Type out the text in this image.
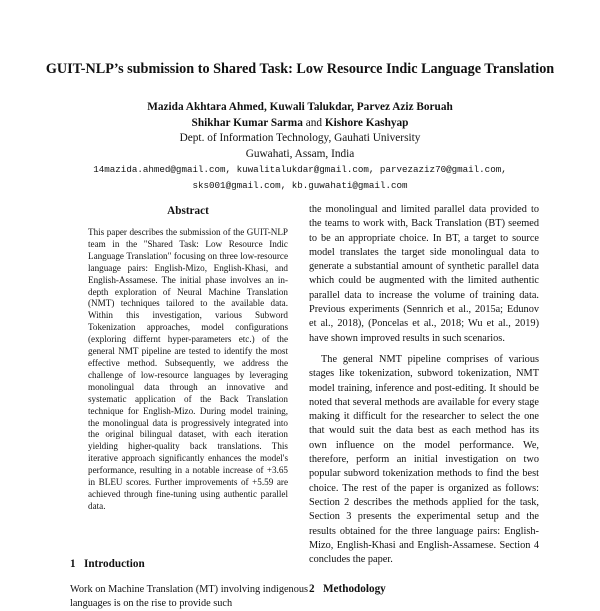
GUIT-NLP’s submission to Shared Task: Low Resource Indic Language Translation
Mazida Akhtara Ahmed, Kuwali Talukdar, Parvez Aziz Boruah
Shikhar Kumar Sarma and Kishore Kashyap
Dept. of Information Technology, Gauhati University
Guwahati, Assam, India
14mazida.ahmed@gmail.com, kuwalitalukdar@gmail.com, parvezaziz70@gmail.com,
sks001@gmail.com, kb.guwahati@gmail.com
Abstract
This paper describes the submission of the GUIT-NLP team in the "Shared Task: Low Resource Indic Language Translation" focusing on three low-resource language pairs: English-Mizo, English-Khasi, and English-Assamese. The initial phase involves an in-depth exploration of Neural Machine Translation (NMT) techniques tailored to the available data. Within this investigation, various Subword Tokenization approaches, model configurations (exploring differnt hyper-parameters etc.) of the general NMT pipeline are tested to identify the most effective method. Subsequently, we address the challenge of low-resource languages by leveraging monolingual data through an innovative and systematic application of the Back Translation technique for English-Mizo. During model training, the monolingual data is progressively integrated into the original bilingual dataset, with each iteration yielding higher-quality back translations. This iterative approach significantly enhances the model's performance, resulting in a notable increase of +3.65 in BLEU scores. Further improvements of +5.59 are achieved through fine-tuning using authentic parallel data.
1 Introduction
Work on Machine Translation (MT) involving indigenous languages is on the rise to provide such

the monolingual and limited parallel data provided to the teams to work with, Back Translation (BT) seemed to be an appropriate choice. In BT, a target to source model translates the target side monolingual data to generate a substantial amount of synthetic parallel data which could be augmented with the limited authentic parallel data to increase the volume of training data. Previous experiments (Sennrich et al., 2015a; Edunov et al., 2018), (Poncelas et al., 2018; Wu et al., 2019) have shown improved results in such scenarios.

The general NMT pipeline comprises of various stages like tokenization, subword tokenization, NMT model training, inference and post-editing. It should be noted that several methods are available for every stage making it difficult for the researcher to select the one that would suit the data best as each method has its own influence on the model performance. We, therefore, perform an initial investigation on two popular subword tokenization methods to find the best choice. The rest of the paper is organized as follows: Section 2 describes the methods applied for the task, Section 3 presents the experimental setup and the results obtained for the three language pairs: English-Mizo, English-Khasi and English-Assamese. Section 4 concludes the paper.

2 Methodology
